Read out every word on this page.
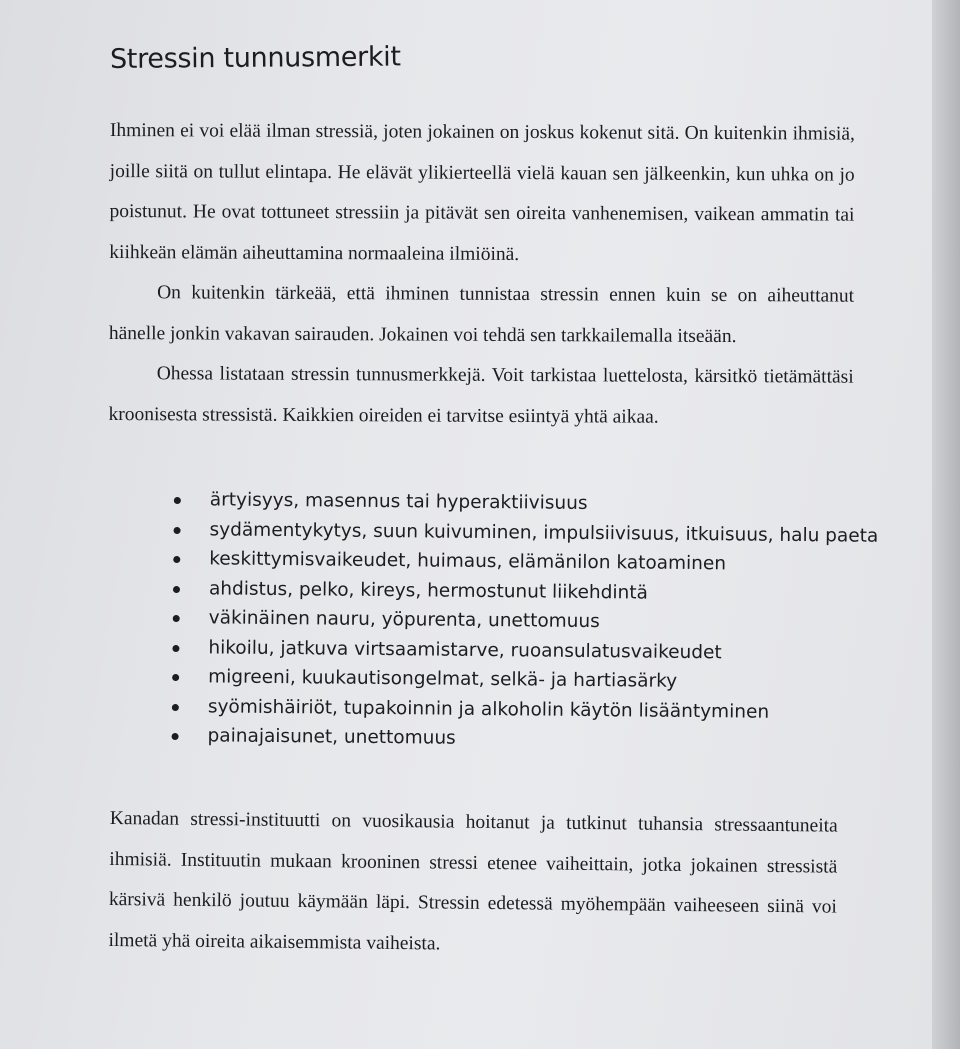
Stressin tunnusmerkit

Ihminen ei voi elää ilman stressiä, joten jokainen on joskus kokenut sitä. On kuitenkin ihmisiä, joille siitä on tullut elintapa. He elävät ylikierteellä vielä kauan sen jälkeenkin, kun uhka on jo poistunut. He ovat tottuneet stressiin ja pitävät sen oireita vanhenemisen, vaikean ammatin tai kiihkeän elämän aiheuttamina normaaleina ilmiöinä.

On kuitenkin tärkeää, että ihminen tunnistaa stressin ennen kuin se on aiheuttanut hänelle jonkin vakavan sairauden. Jokainen voi tehdä sen tarkkailemalla itseään.

Ohessa listataan stressin tunnusmerkkejä. Voit tarkistaa luettelosta, kärsitkö tietämättäsi kroonisesta stressistä. Kaikkien oireiden ei tarvitse esiintyä yhtä aikaa.

ärtyisyys, masennus tai hyperaktiivisuus
sydämentykytys, suun kuivuminen, impulsiivisuus, itkuisuus, halu paeta
keskittymisvaikeudet, huimaus, elämänilon katoaminen
ahdistus, pelko, kireys, hermostunut liikehdintä
väkinäinen nauru, yöpurenta, unettomuus
hikoilu, jatkuva virtsaamistarve, ruoansulatusvaikeudet
migreeni, kuukautisongelmat, selkä- ja hartiasärky
syömishäiriöt, tupakoinnin ja alkoholin käytön lisääntyminen
painajaisunet, unettomuus

Kanadan stressi-instituutti on vuosikausia hoitanut ja tutkinut tuhansia stressaantuneita ihmisiä. Instituutin mukaan krooninen stressi etenee vaiheittain, jotka jokainen stressistä kärsivä henkilö joutuu käymään läpi. Stressin edetessä myöhempään vaiheeseen siinä voi ilmetä yhä oireita aikaisemmista vaiheista.
